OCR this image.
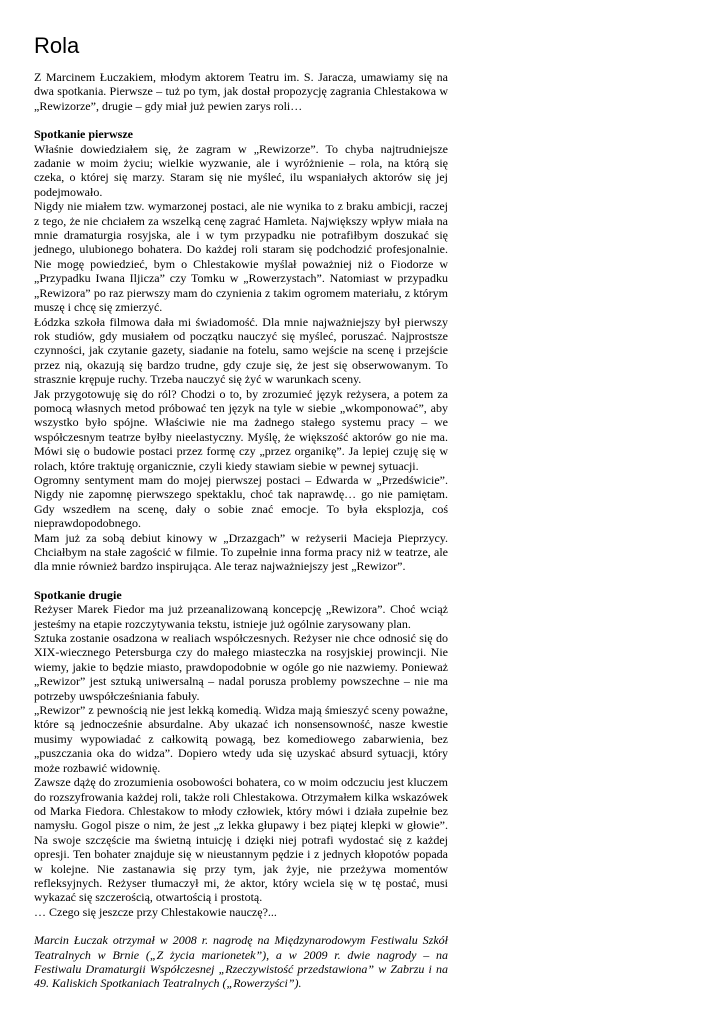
Rola

Z Marcinem Łuczakiem, młodym aktorem Teatru im. S. Jaracza, umawiamy się na dwa spotkania. Pierwsze – tuż po tym, jak dostał propozycję zagrania Chlestakowa w „Rewizorze”, drugie – gdy miał już pewien zarys roli…

Spotkanie pierwsze

Właśnie dowiedziałem się, że zagram w „Rewizorze”. To chyba najtrudniejsze zadanie w moim życiu; wielkie wyzwanie, ale i wyróżnienie – rola, na którą się czeka, o której się marzy. Staram się nie myśleć, ilu wspaniałych aktorów się jej podejmowało.

Nigdy nie miałem tzw. wymarzonej postaci, ale nie wynika to z braku ambicji, raczej z tego, że nie chciałem za wszelką cenę zagrać Hamleta. Największy wpływ miała na mnie dramaturgia rosyjska, ale i w tym przypadku nie potrafiłbym doszukać się jednego, ulubionego bohatera. Do każdej roli staram się podchodzić profesjonalnie. Nie mogę powiedzieć, bym o Chlestakowie myślał poważniej niż o Fiodorze w „Przypadku Iwana Iljicza” czy Tomku w „Rowerzystach”. Natomiast w przypadku „Rewizora” po raz pierwszy mam do czynienia z takim ogromem materiału, z którym muszę i chcę się zmierzyć.

Łódzka szkoła filmowa dała mi świadomość. Dla mnie najważniejszy był pierwszy rok studiów, gdy musiałem od początku nauczyć się myśleć, poruszać. Najprostsze czynności, jak czytanie gazety, siadanie na fotelu, samo wejście na scenę i przejście przez nią, okazują się bardzo trudne, gdy czuje się, że jest się obserwowanym. To strasznie krępuje ruchy. Trzeba nauczyć się żyć w warunkach sceny.

Jak przygotowuję się do ról? Chodzi o to, by zrozumieć język reżysera, a potem za pomocą własnych metod próbować ten język na tyle w siebie „wkomponować”, aby wszystko było spójne. Właściwie nie ma żadnego stałego systemu pracy – we współczesnym teatrze byłby nieelastyczny. Myślę, że większość aktorów go nie ma. Mówi się o budowie postaci przez formę czy „przez organikę”. Ja lepiej czuję się w rolach, które traktuję organicznie, czyli kiedy stawiam siebie w pewnej sytuacji.

Ogromny sentyment mam do mojej pierwszej postaci – Edwarda w „Przedświcie”. Nigdy nie zapomnę pierwszego spektaklu, choć tak naprawdę… go nie pamiętam. Gdy wszedłem na scenę, dały o sobie znać emocje. To była eksplozja, coś nieprawdopodobnego.

Mam już za sobą debiut kinowy w „Drzazgach” w reżyserii Macieja Pieprzycy. Chciałbym na stałe zagościć w filmie. To zupełnie inna forma pracy niż w teatrze, ale dla mnie również bardzo inspirująca. Ale teraz najważniejszy jest „Rewizor”.

Spotkanie drugie

Reżyser Marek Fiedor ma już przeanalizowaną koncepcję „Rewizora”. Choć wciąż jesteśmy na etapie rozczytywania tekstu, istnieje już ogólnie zarysowany plan.

Sztuka zostanie osadzona w realiach współczesnych. Reżyser nie chce odnosić się do XIX-wiecznego Petersburga czy do małego miasteczka na rosyjskiej prowincji. Nie wiemy, jakie to będzie miasto, prawdopodobnie w ogóle go nie nazwiemy. Ponieważ „Rewizor” jest sztuką uniwersalną – nadal porusza problemy powszechne – nie ma potrzeby uwspółcześniania fabuły.

„Rewizor” z pewnością nie jest lekką komedią. Widza mają śmieszyć sceny poważne, które są jednocześnie absurdalne. Aby ukazać ich nonsensowność, nasze kwestie musimy wypowiadać z całkowitą powagą, bez komediowego zabarwienia, bez „puszczania oka do widza”. Dopiero wtedy uda się uzyskać absurd sytuacji, który może rozbawić widownię.

Zawsze dążę do zrozumienia osobowości bohatera, co w moim odczuciu jest kluczem do rozszyfrowania każdej roli, także roli Chlestakowa. Otrzymałem kilka wskazówek od Marka Fiedora. Chlestakow to młody człowiek, który mówi i działa zupełnie bez namysłu. Gogol pisze o nim, że jest „z lekka głupawy i bez piątej klepki w głowie”. Na swoje szczęście ma świetną intuicję i dzięki niej potrafi wydostać się z każdej opresji. Ten bohater znajduje się w nieustannym pędzie i z jednych kłopotów popada w kolejne. Nie zastanawia się przy tym, jak żyje, nie przeżywa momentów refleksyjnych. Reżyser tłumaczył mi, że aktor, który wciela się w tę postać, musi wykazać się szczerością, otwartością i prostotą.

… Czego się jeszcze przy Chlestakowie nauczę?...

Marcin Łuczak otrzymał w 2008 r. nagrodę na Międzynarodowym Festiwalu Szkół Teatralnych w Brnie („Z życia marionetek”), a w 2009 r. dwie nagrody – na Festiwalu Dramaturgii Współczesnej „Rzeczywistość przedstawiona” w Zabrzu i na 49. Kaliskich Spotkaniach Teatralnych („Rowerzyści”).
